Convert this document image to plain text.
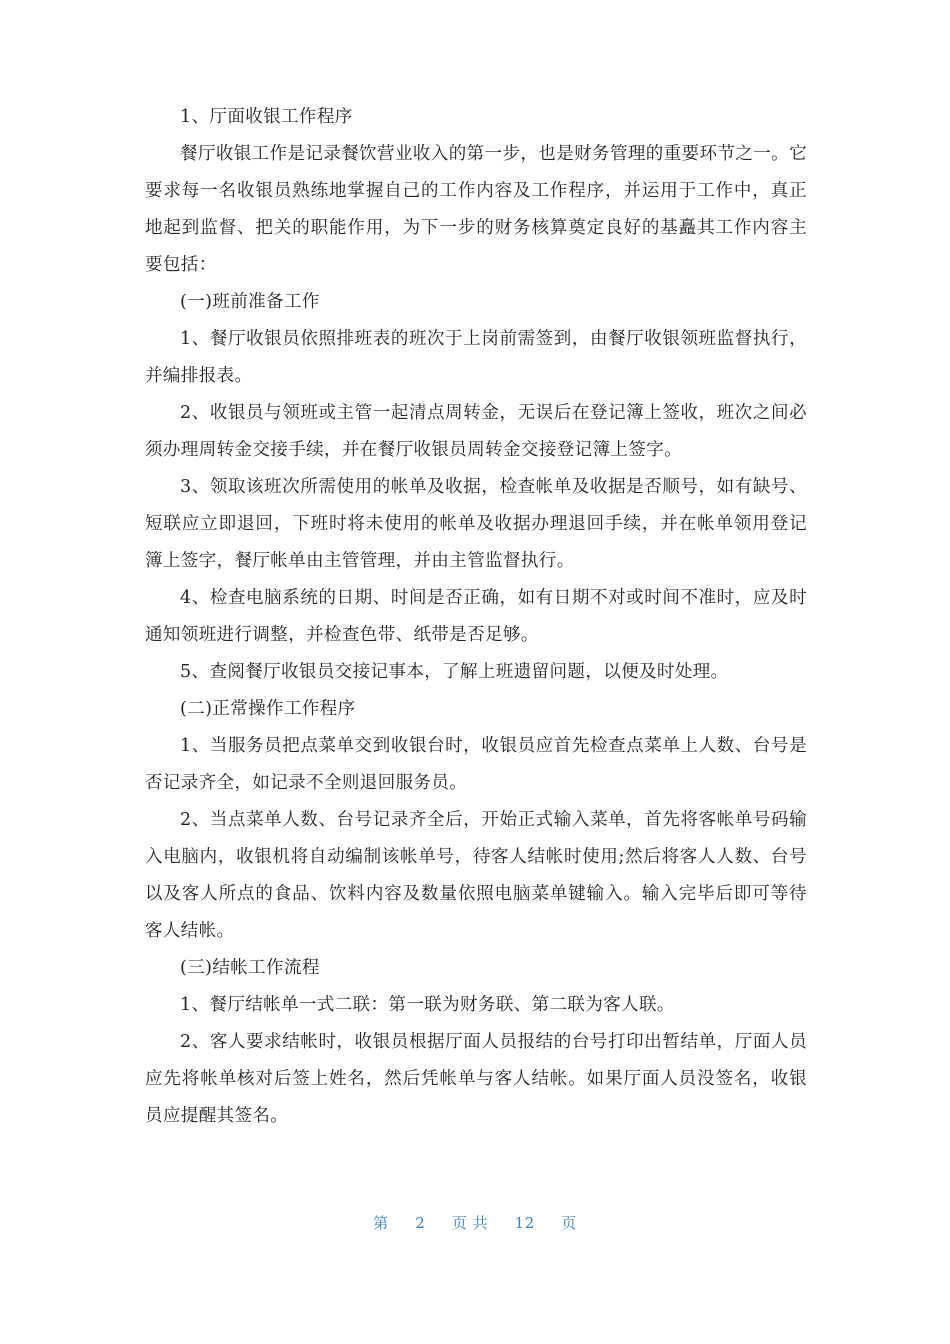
1、厅面收银工作程序

餐厅收银工作是记录餐饮营业收入的第一步，也是财务管理的重要环节之一。它要求每一名收银员熟练地掌握自己的工作内容及工作程序，并运用于工作中，真正地起到监督、把关的职能作用，为下一步的财务核算奠定良好的基矗其工作内容主要包括：

(一)班前准备工作

1、餐厅收银员依照排班表的班次于上岗前需签到，由餐厅收银领班监督执行，并编排报表。

2、收银员与领班或主管一起清点周转金，无误后在登记簿上签收，班次之间必须办理周转金交接手续，并在餐厅收银员周转金交接登记簿上签字。

3、领取该班次所需使用的帐单及收据，检查帐单及收据是否顺号，如有缺号、短联应立即退回，下班时将未使用的帐单及收据办理退回手续，并在帐单领用登记簿上签字，餐厅帐单由主管管理，并由主管监督执行。

4、检查电脑系统的日期、时间是否正确，如有日期不对或时间不准时，应及时通知领班进行调整，并检查色带、纸带是否足够。

5、查阅餐厅收银员交接记事本，了解上班遗留问题，以便及时处理。

(二)正常操作工作程序

1、当服务员把点菜单交到收银台时，收银员应首先检查点菜单上人数、台号是否记录齐全，如记录不全则退回服务员。

2、当点菜单人数、台号记录齐全后，开始正式输入菜单，首先将客帐单号码输入电脑内，收银机将自动编制该帐单号，待客人结帐时使用;然后将客人人数、台号以及客人所点的食品、饮料内容及数量依照电脑菜单键输入。输入完毕后即可等待客人结帐。

(三)结帐工作流程

1、餐厅结帐单一式二联：第一联为财务联、第二联为客人联。

2、客人要求结帐时，收银员根据厅面人员报结的台号打印出暂结单，厅面人员应先将帐单核对后签上姓名，然后凭帐单与客人结帐。如果厅面人员没签名，收银员应提醒其签名。

第 2 页 共 12 页
